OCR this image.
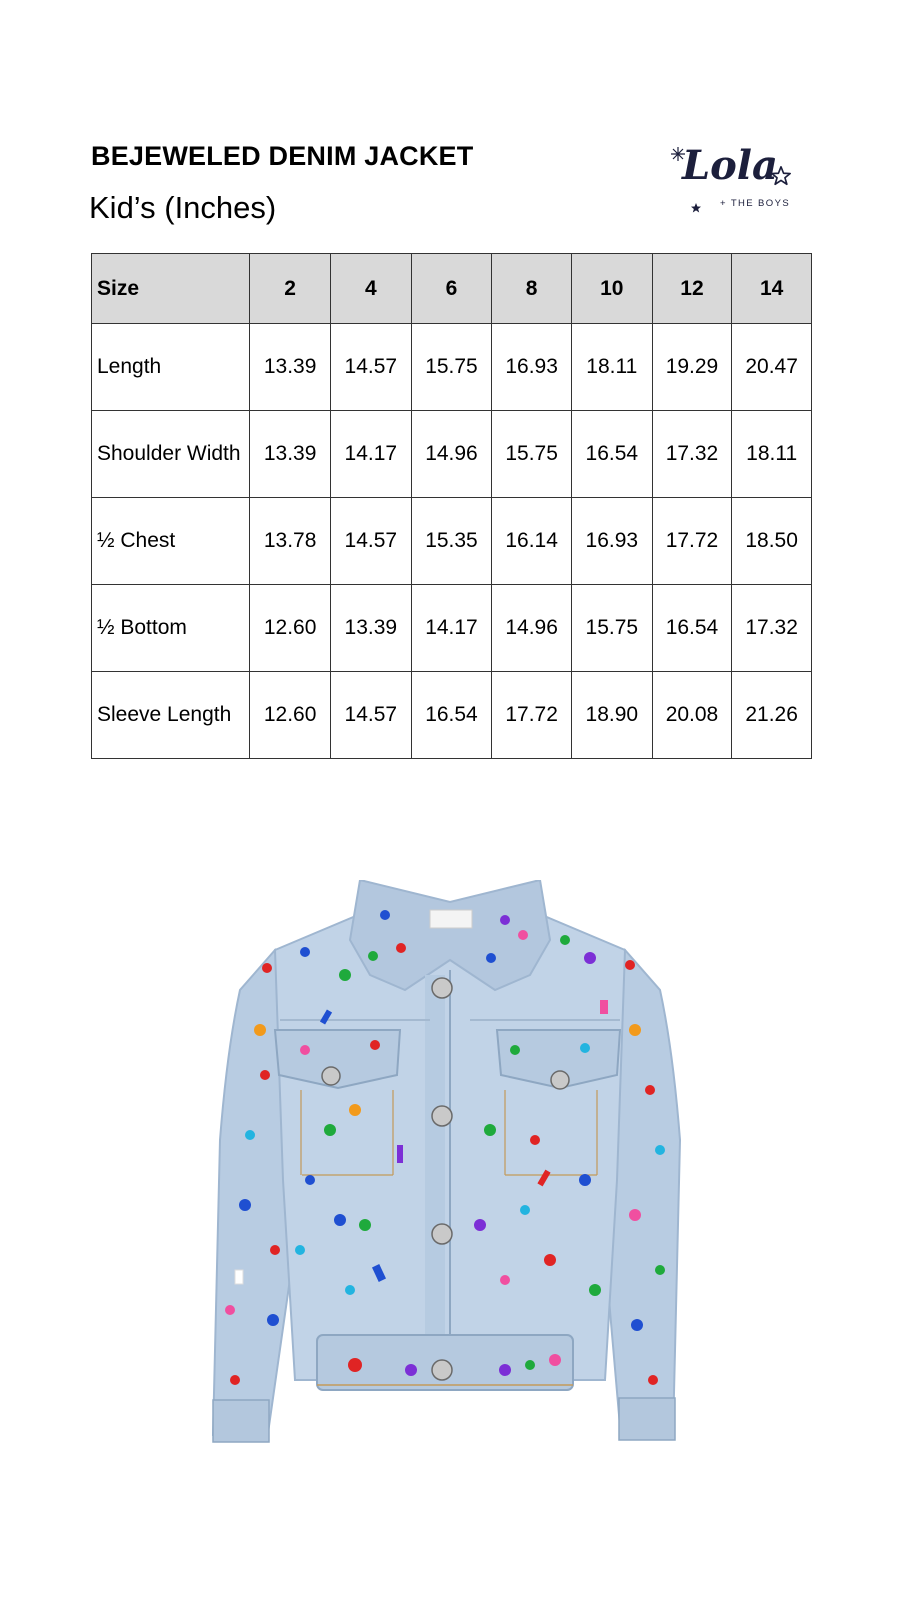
BEJEWELED DENIM JACKET
Kid’s (Inches)
Lola
+ THE BOYS
Size	2	4	6	8	10	12	14
Length	13.39	14.57	15.75	16.93	18.11	19.29	20.47
Shoulder Width	13.39	14.17	14.96	15.75	16.54	17.32	18.11
½ Chest	13.78	14.57	15.35	16.14	16.93	17.72	18.50
½ Bottom	12.60	13.39	14.17	14.96	15.75	16.54	17.32
Sleeve Length	12.60	14.57	16.54	17.72	18.90	20.08	21.26
